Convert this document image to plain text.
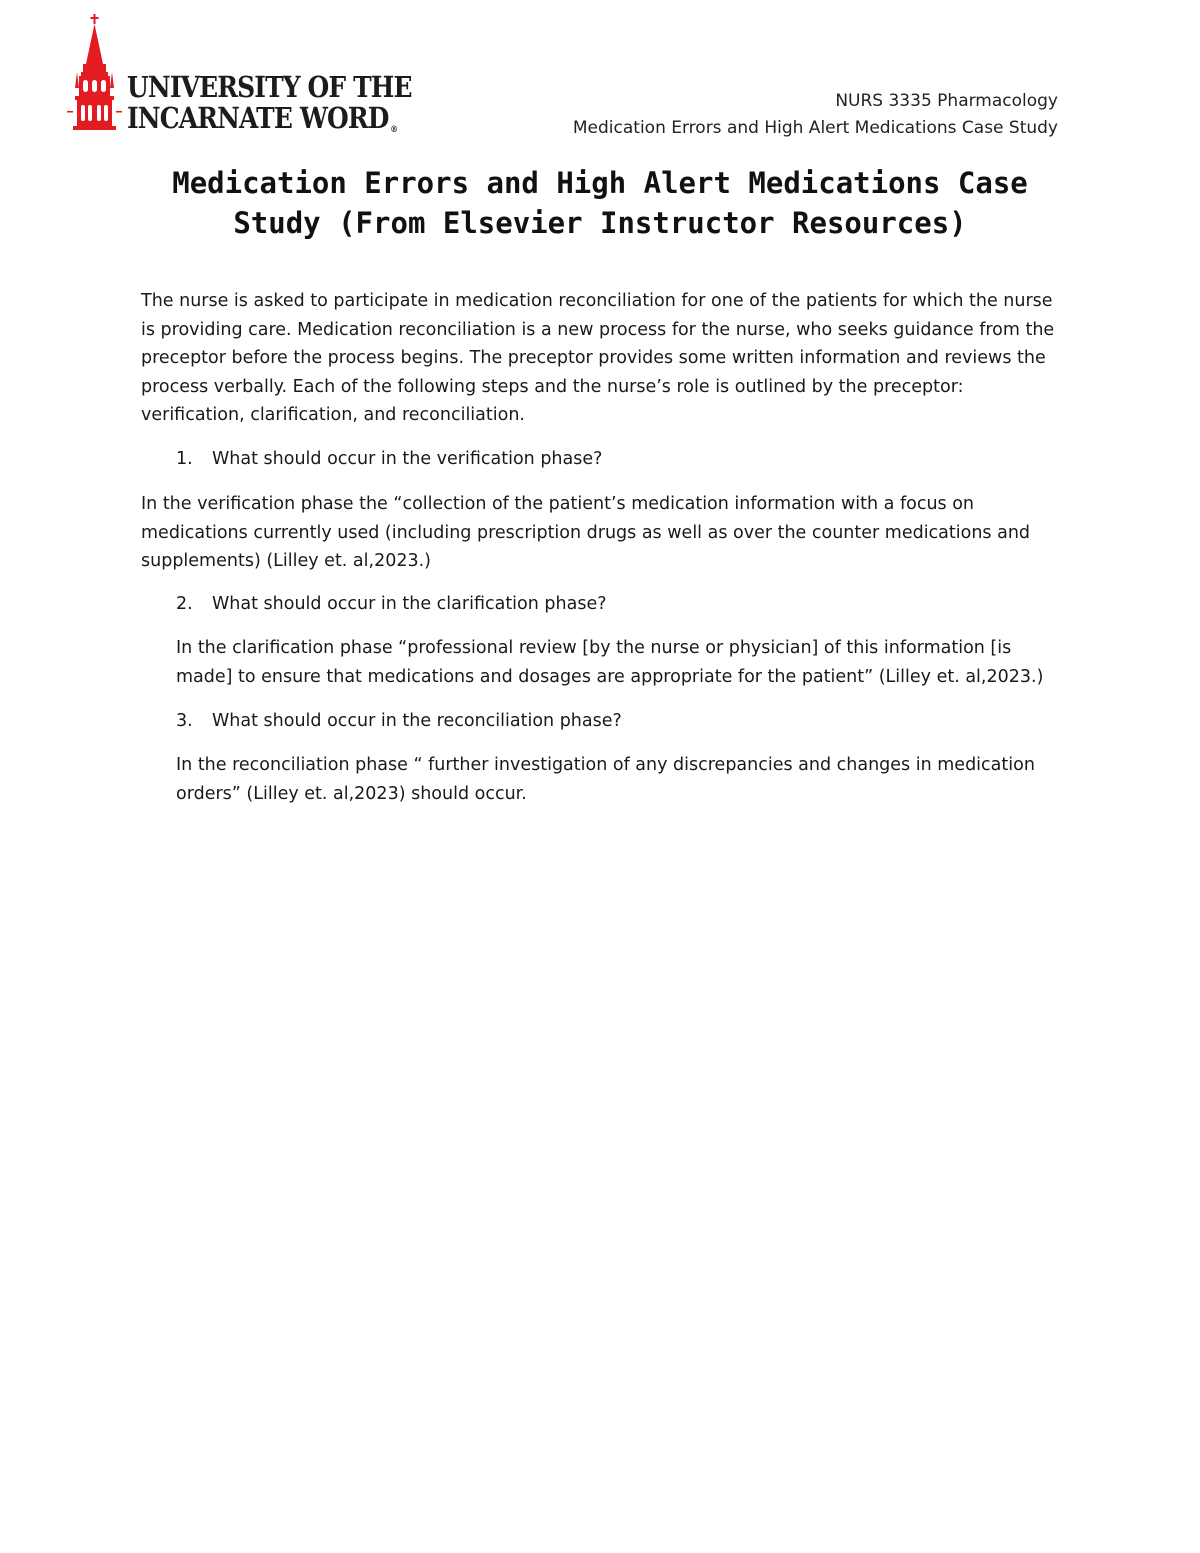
UNIVERSITY OF THE
INCARNATE WORD ®
NURS 3335 Pharmacology
Medication Errors and High Alert Medications Case Study
Medication Errors and High Alert Medications Case
Study (From Elsevier Instructor Resources)
The nurse is asked to participate in medication reconciliation for one of the patients for which the nurse is providing care. Medication reconciliation is a new process for the nurse, who seeks guidance from the preceptor before the process begins. The preceptor provides some written information and reviews the process verbally. Each of the following steps and the nurse’s role is outlined by the preceptor: verification, clarification, and reconciliation.
1.	What should occur in the verification phase?
In the verification phase the “collection of the patient’s medication information with a focus on medications currently used (including prescription drugs as well as over the counter medications and supplements) (Lilley et. al,2023.)
2.	What should occur in the clarification phase?
In the clarification phase “professional review [by the nurse or physician] of this information [is made] to ensure that medications and dosages are appropriate for the patient” (Lilley et. al,2023.)
3.	What should occur in the reconciliation phase?
In the reconciliation phase “ further investigation of any discrepancies and changes in medication orders” (Lilley et. al,2023) should occur.
